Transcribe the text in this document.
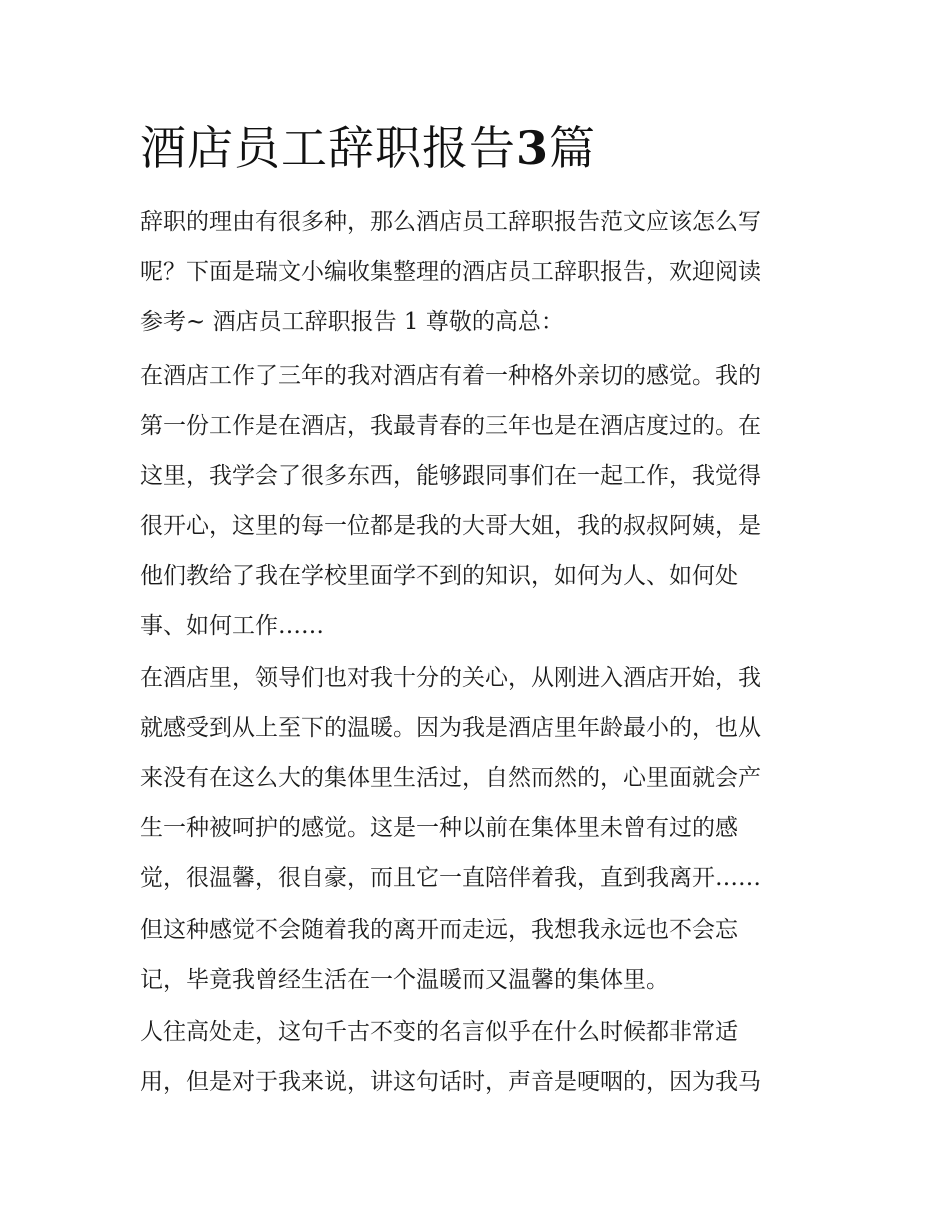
酒店员工辞职报告3篇

辞职的理由有很多种，那么酒店员工辞职报告范文应该怎么写

呢？下面是瑞文小编收集整理的酒店员工辞职报告，欢迎阅读

参考~ 酒店员工辞职报告 1 尊敬的高总：

在酒店工作了三年的我对酒店有着一种格外亲切的感觉。我的

第一份工作是在酒店，我最青春的三年也是在酒店度过的。在

这里，我学会了很多东西，能够跟同事们在一起工作，我觉得

很开心，这里的每一位都是我的大哥大姐，我的叔叔阿姨，是

他们教给了我在学校里面学不到的知识，如何为人、如何处

事、如何工作……

在酒店里，领导们也对我十分的关心，从刚进入酒店开始，我

就感受到从上至下的温暖。因为我是酒店里年龄最小的，也从

来没有在这么大的集体里生活过，自然而然的，心里面就会产

生一种被呵护的感觉。这是一种以前在集体里未曾有过的感

觉，很温馨，很自豪，而且它一直陪伴着我，直到我离开……

但这种感觉不会随着我的离开而走远，我想我永远也不会忘

记，毕竟我曾经生活在一个温暖而又温馨的集体里。

人往高处走，这句千古不变的名言似乎在什么时候都非常适

用，但是对于我来说，讲这句话时，声音是哽咽的，因为我马
